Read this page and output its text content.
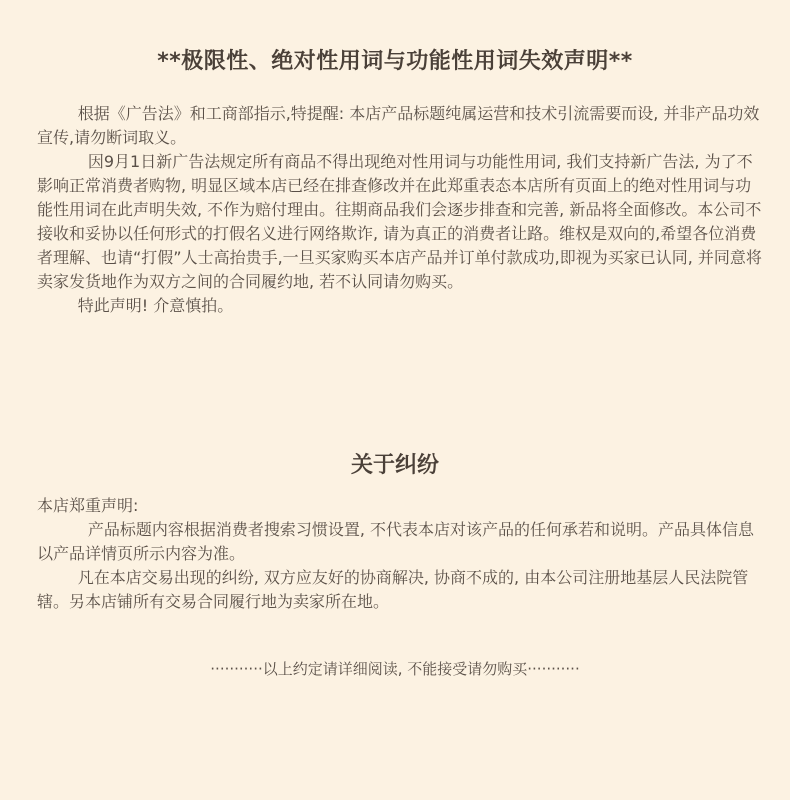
**极限性、绝对性用词与功能性用词失效声明**

根据《广告法》和工商部指示,特提醒: 本店产品标题纯属运营和技术引流需要而设, 并非产品功效宣传,请勿断词取义。

因9月1日新广告法规定所有商品不得出现绝对性用词与功能性用词, 我们支持新广告法, 为了不影响正常消费者购物, 明显区域本店已经在排查修改并在此郑重表态本店所有页面上的绝对性用词与功能性用词在此声明失效, 不作为赔付理由。往期商品我们会逐步排查和完善, 新品将全面修改。本公司不接收和妥协以任何形式的打假名义进行网络欺诈, 请为真正的消费者让路。维权是双向的,希望各位消费者理解、也请“打假”人士高抬贵手,一旦买家购买本店产品并订单付款成功,即视为买家已认同, 并同意将卖家发货地作为双方之间的合同履约地, 若不认同请勿购买。

特此声明! 介意慎拍。

关于纠纷

本店郑重声明:

产品标题内容根据消费者搜索习惯设置, 不代表本店对该产品的任何承若和说明。产品具体信息以产品详情页所示内容为准。

凡在本店交易出现的纠纷, 双方应友好的协商解决, 协商不成的, 由本公司注册地基层人民法院管辖。另本店铺所有交易合同履行地为卖家所在地。

···········以上约定请详细阅读, 不能接受请勿购买···········
